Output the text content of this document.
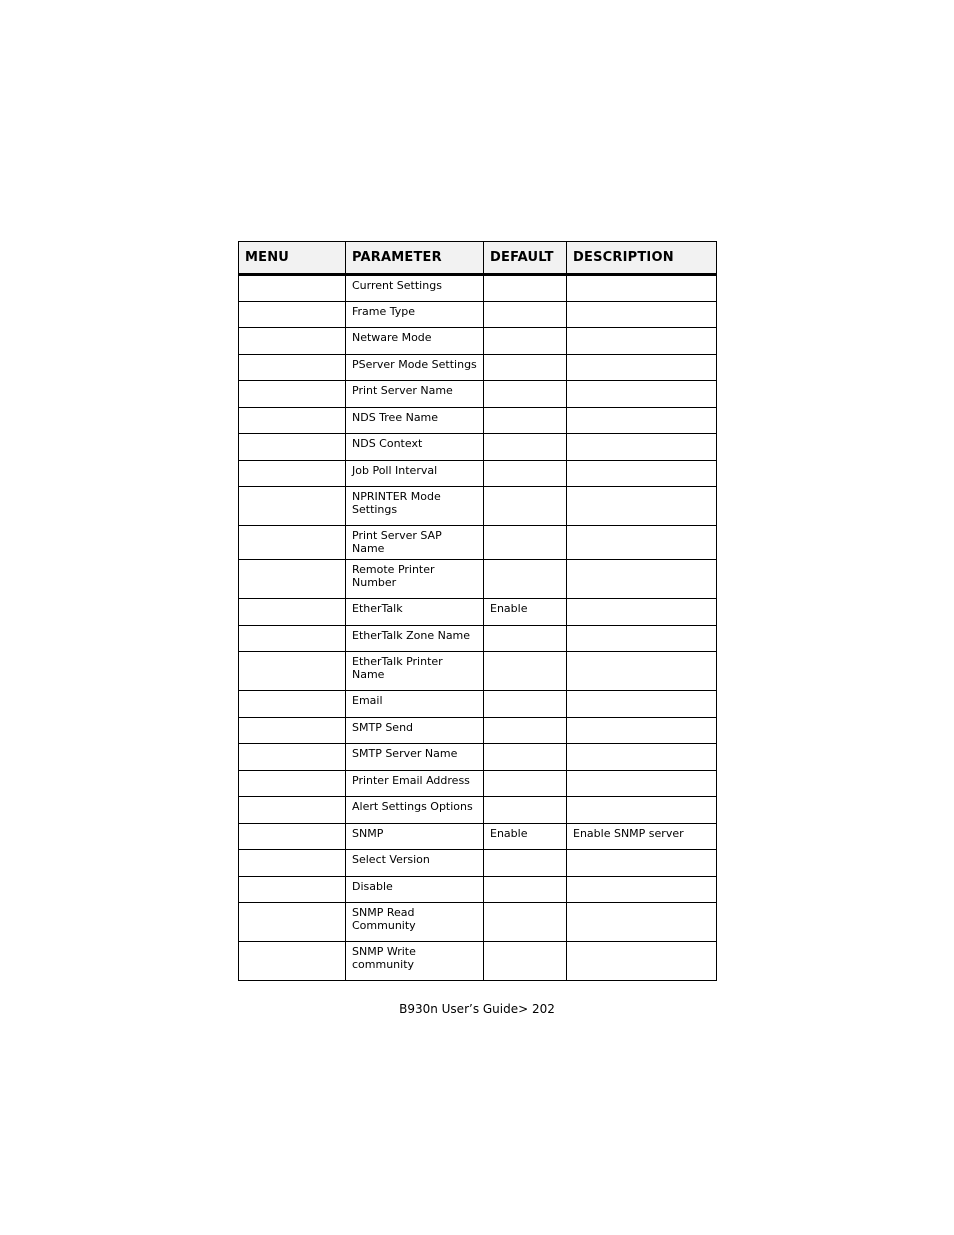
MENU	PARAMETER	DEFAULT	DESCRIPTION
	Current Settings		
	Frame Type		
	Netware Mode		
	PServer Mode Settings		
	Print Server Name		
	NDS Tree Name		
	NDS Context		
	Job Poll Interval		
	NPRINTER Mode Settings		
	Print Server SAP Name		
	Remote Printer Number		
	EtherTalk	Enable	
	EtherTalk Zone Name		
	EtherTalk Printer Name		
	Email		
	SMTP Send		
	SMTP Server Name		
	Printer Email Address		
	Alert Settings Options		
	SNMP	Enable	Enable SNMP server
	Select Version		
	Disable		
	SNMP Read Community		
	SNMP Write community		
B930n User’s Guide> 202
